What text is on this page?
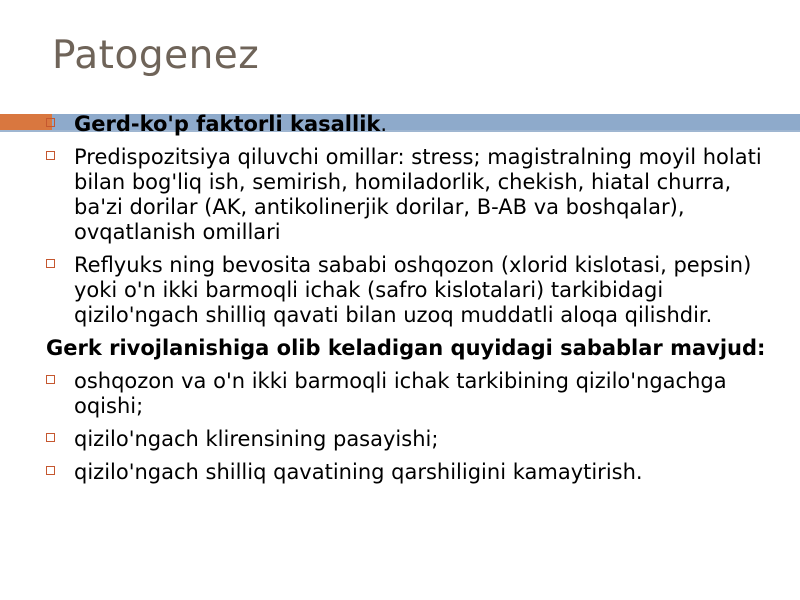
Patogenez
Gerd-ko'p faktorli kasallik.
Predispozitsiya qiluvchi omillar: stress; magistralning moyil holati bilan bog'liq ish, semirish, homiladorlik, chekish, hiatal churra, ba'zi dorilar (AK, antikolinerjik dorilar, B-AB va boshqalar), ovqatlanish omillari
Reflyuks ning bevosita sababi oshqozon (xlorid kislotasi, pepsin) yoki o'n ikki barmoqli ichak (safro kislotalari) tarkibidagi qizilo'ngach shilliq qavati bilan uzoq muddatli aloqa qilishdir.
Gerk rivojlanishiga olib keladigan quyidagi sabablar mavjud:
oshqozon va o'n ikki barmoqli ichak tarkibining qizilo'ngachga oqishi;
qizilo'ngach klirensining pasayishi;
qizilo'ngach shilliq qavatining qarshiligini kamaytirish.
